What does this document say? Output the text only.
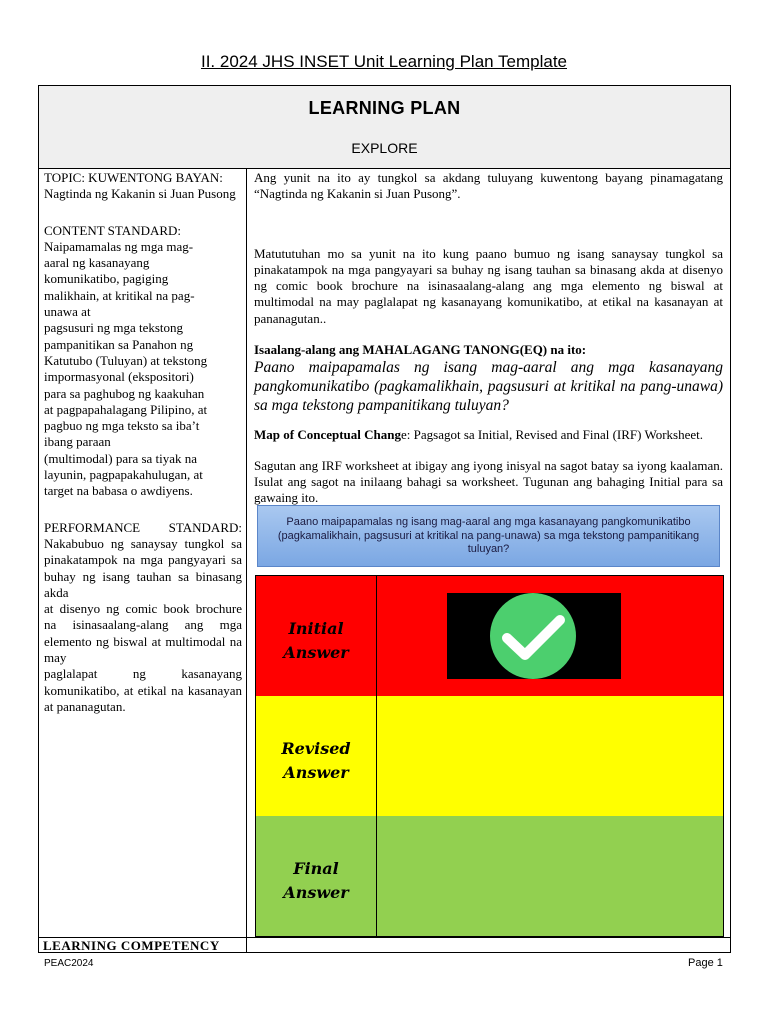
II. 2024 JHS INSET Unit Learning Plan Template
LEARNING PLAN
EXPLORE

TOPIC: KUWENTONG BAYAN: Nagtinda ng Kakanin si Juan Pusong

CONTENT STANDARD:

Naipamamalas ng mga mag-

aaral ng kasanayang

komunikatibo, pagiging

malikhain, at kritikal na pag-

unawa at

pagsusuri ng mga tekstong

pampanitikan sa Panahon ng

Katutubo (Tuluyan) at tekstong

impormasyonal (ekspositori)

para sa paghubog ng kaakuhan

at pagpapahalagang Pilipino, at

pagbuo ng mga teksto sa iba’t

ibang paraan

(multimodal) para sa tiyak na

layunin, pagpapakahulugan, at

target na babasa o awdiyens.

PERFORMANCE STANDARD: Nakabubuo ng sanaysay tungkol sa pinakatampok na mga pangyayari sa buhay ng isang tauhan sa binasang akda

at disenyo ng comic book brochure na isinasaalang-alang ang mga elemento ng biswal at multimodal na may

paglalapat ng kasanayang komunikatibo, at etikal na kasanayan at pananagutan.

LEARNING COMPETENCY

Ang yunit na ito ay tungkol sa akdang tuluyang kuwentong bayang pinamagatang “Nagtinda ng Kakanin si Juan Pusong”.

Matututuhan mo sa yunit na ito kung paano bumuo ng isang sanaysay tungkol sa pinakatampok na mga pangyayari sa buhay ng isang tauhan sa binasang akda at disenyo ng comic book brochure na isinasaalang-alang ang mga elemento ng biswal at multimodal na may paglalapat ng kasanayang komunikatibo, at etikal na kasanayan at pananagutan..

Isaalang-alang ang MAHALAGANG TANONG(EQ) na ito:

Paano maipapamalas ng isang mag-aaral ang mga kasanayang pangkomunikatibo (pagkamalikhain, pagsusuri at kritikal na pang-unawa) sa mga tekstong pampanitikang tuluyan?

Map of Conceptual Change: Pagsagot sa Initial, Revised and Final (IRF) Worksheet.

Sagutan ang IRF worksheet at ibigay ang iyong inisyal na sagot batay sa iyong kaalaman. Isulat ang sagot na inilaang bahagi sa worksheet. Tugunan ang bahaging Initial para sa gawaing ito.

Paano maipapamalas ng isang mag-aaral ang mga kasanayang pangkomunikatibo (pagkamalikhain, pagsusuri at kritikal na pang-unawa) sa mga tekstong pampanitikang tuluyan?
Initial Answer
Revised Answer
Final Answer
PEAC2024	Page 1
